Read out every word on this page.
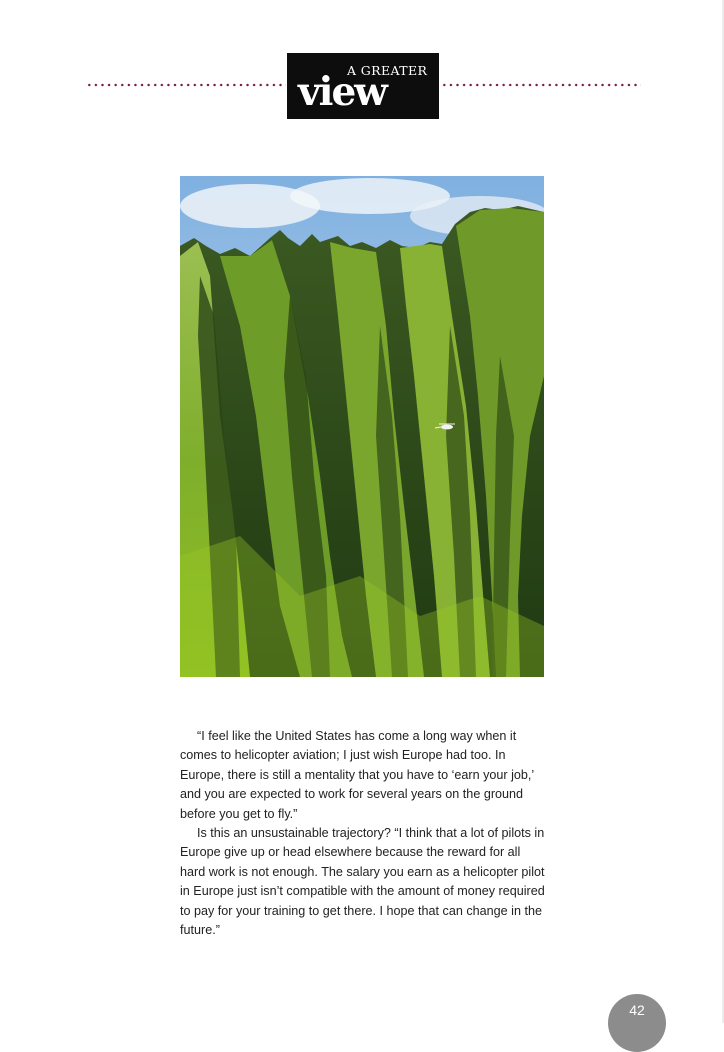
A GREATER
view

“I feel like the United States has come a long way when it comes to helicopter aviation; I just wish Europe had too. In Europe, there is still a mentality that you have to ‘earn your job,’ and you are expected to work for several years on the ground before you get to fly.”

Is this an unsustainable trajectory? “I think that a lot of pilots in Europe give up or head elsewhere because the reward for all hard work is not enough. The salary you earn as a helicopter pilot in Europe just isn’t compatible with the amount of money required to pay for your training to get there. I hope that can change in the future.”

42
